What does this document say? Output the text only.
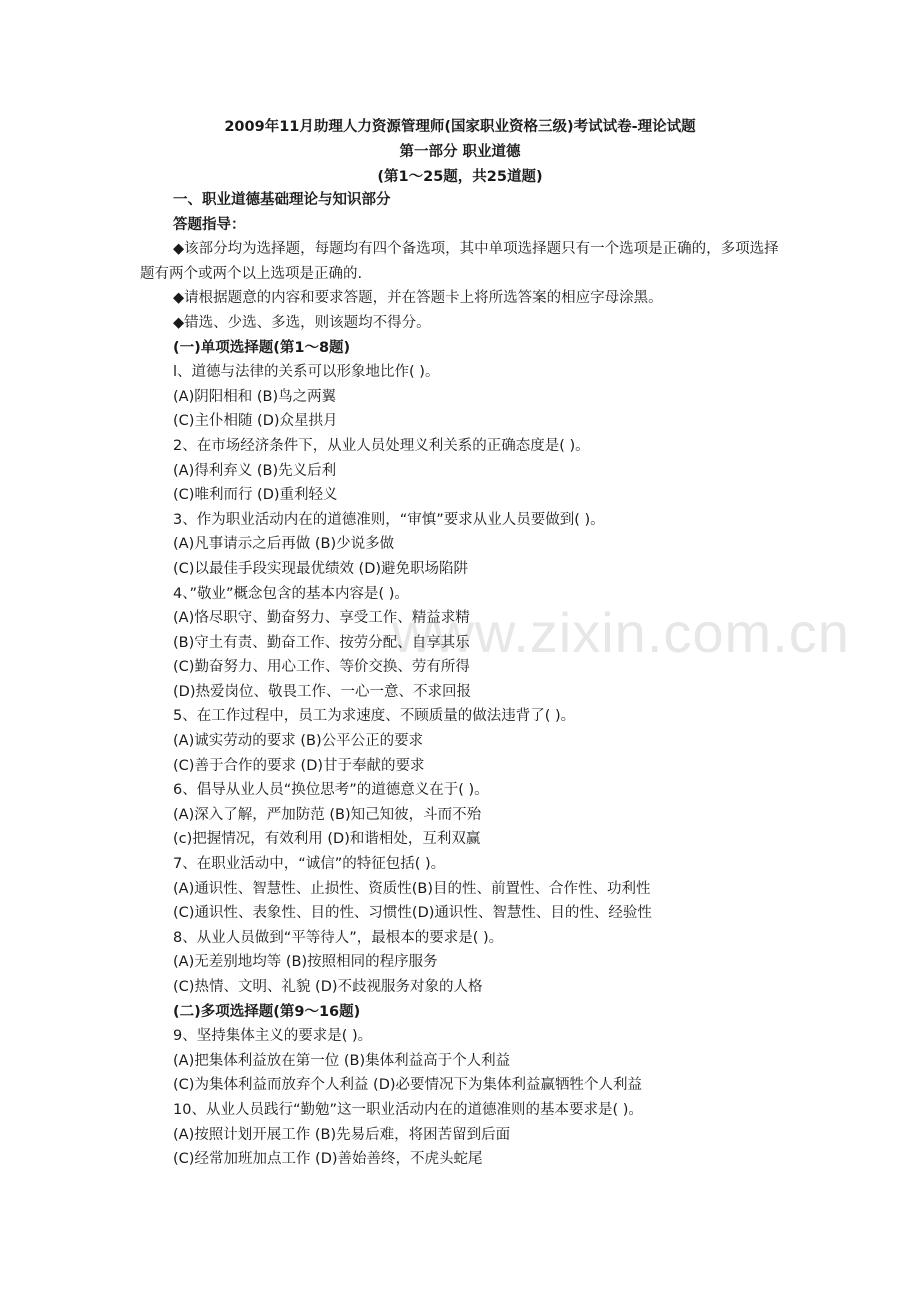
www.zixin.com.cn
2009年11月助理人力资源管理师(国家职业资格三级)考试试卷-理论试题
第一部分 职业道德
(第1～25题，共25道题)
一、职业道德基础理论与知识部分
答题指导：
◆该部分均为选择题，每题均有四个备选项，其中单项选择题只有一个选项是正确的，多项选择题有两个或两个以上选项是正确的.
◆请根据题意的内容和要求答题，并在答题卡上将所选答案的相应字母涂黑。
◆错选、少选、多选，则该题均不得分。
(一)单项选择题(第1～8题)
l、道德与法律的关系可以形象地比作( )。
(A)阴阳相和 (B)鸟之两翼
(C)主仆相随 (D)众星拱月
2、在市场经济条件下，从业人员处理义利关系的正确态度是( )。
(A)得利弃义 (B)先义后利
(C)唯利而行 (D)重利轻义
3、作为职业活动内在的道德准则，“审慎”要求从业人员要做到( )。
(A)凡事请示之后再做 (B)少说多做
(C)以最佳手段实现最优绩效 (D)避免职场陷阱
4、”敬业”概念包含的基本内容是( )。
(A)恪尽职守、勤奋努力、享受工作、精益求精
(B)守土有责、勤奋工作、按劳分配、自享其乐
(C)勤奋努力、用心工作、等价交换、劳有所得
(D)热爱岗位、敬畏工作、一心一意、不求回报
5、在工作过程中，员工为求速度、不顾质量的做法违背了( )。
(A)诚实劳动的要求 (B)公平公正的要求
(C)善于合作的要求 (D)甘于奉献的要求
6、倡导从业人员“换位思考”的道德意义在于( )。
(A)深入了解，严加防范 (B)知己知彼，斗而不殆
(c)把握情况，有效利用 (D)和谐相处，互利双赢
7、在职业活动中，“诚信”的特征包括( )。
(A)通识性、智慧性、止损性、资质性(B)目的性、前置性、合作性、功利性
(C)通识性、表象性、目的性、习惯性(D)通识性、智慧性、目的性、经验性
8、从业人员做到“平等待人”，最根本的要求是( )。
(A)无差别地均等 (B)按照相同的程序服务
(C)热情、文明、礼貌 (D)不歧视服务对象的人格
(二)多项选择题(第9～16题)
9、坚持集体主义的要求是( )。
(A)把集体利益放在第一位 (B)集体利益高于个人利益
(C)为集体利益而放弃个人利益 (D)必要情况下为集体利益赢牺牲个人利益
10、从业人员践行“勤勉”这一职业活动内在的道德准则的基本要求是( )。
(A)按照计划开展工作 (B)先易后难，将困苦留到后面
(C)经常加班加点工作 (D)善始善终，不虎头蛇尾
